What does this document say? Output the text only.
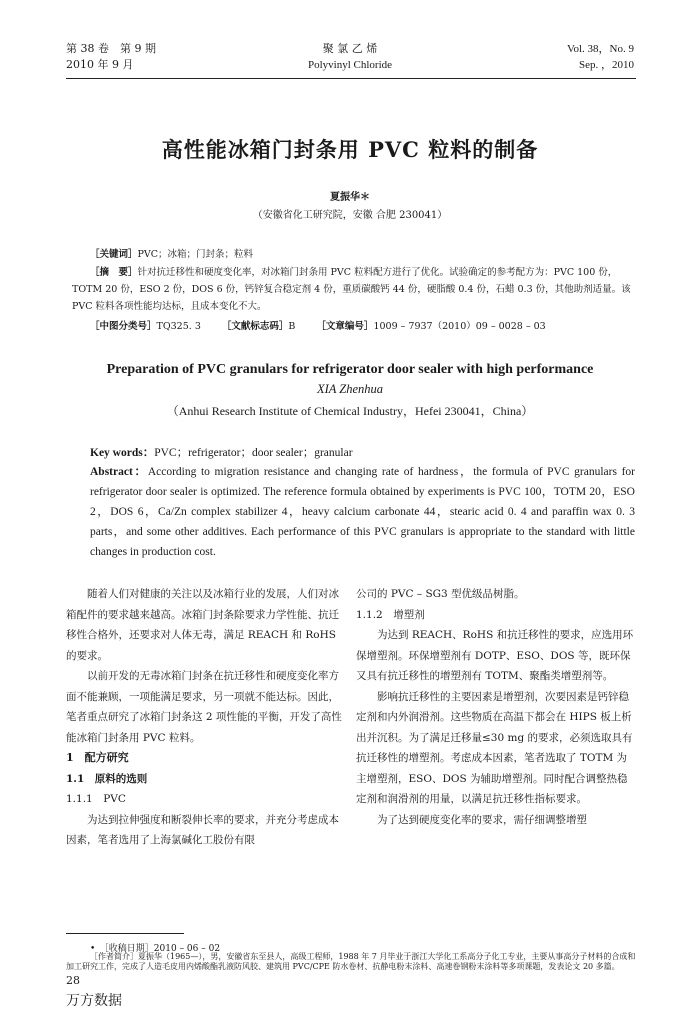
第 38 卷　第 9 期
2010 年 9 月
聚 氯 乙 烯
Polyvinyl Chloride
Vol. 38，No. 9
Sep. ，2010
高性能冰箱门封条用 PVC 粒料的制备
夏振华＊
（安徽省化工研究院，安徽 合肥 230041）
［关键词］PVC；冰箱；门封条；粒料
［摘　要］针对抗迁移性和硬度变化率，对冰箱门封条用 PVC 粒料配方进行了优化。试验确定的参考配方为：PVC 100 份，TOTM 20 份，ESO 2 份，DOS 6 份，钙锌复合稳定剂 4 份，重质碳酸钙 44 份，硬脂酸 0.4 份，石蜡 0.3 份，其他助剂适量。该 PVC 粒料各项性能均达标，且成本变化不大。
［中图分类号］TQ325. 3 ［文献标志码］B ［文章编号］1009 – 7937（2010）09 – 0028 – 03
Preparation of PVC granulars for refrigerator door sealer with high performance
XIA Zhenhua
（Anhui Research Institute of Chemical Industry，Hefei 230041，China）
Key words：PVC；refrigerator；door sealer；granular
Abstract：According to migration resistance and changing rate of hardness，the formula of PVC granulars for refrigerator door sealer is optimized. The reference formula obtained by experiments is PVC 100，TOTM 20，ESO 2，DOS 6，Ca/Zn complex stabilizer 4，heavy calcium carbonate 44，stearic acid 0. 4 and paraffin wax 0. 3 parts，and some other additives. Each performance of this PVC granulars is appropriate to the standard with little changes in production cost.

随着人们对健康的关注以及冰箱行业的发展，人们对冰箱配件的要求越来越高。冰箱门封条除要求力学性能、抗迁移性合格外，还要求对人体无毒，满足 REACH 和 RoHS 的要求。

以前开发的无毒冰箱门封条在抗迁移性和硬度变化率方面不能兼顾，一项能满足要求，另一项就不能达标。因此，笔者重点研究了冰箱门封条这 2 项性能的平衡，开发了高性能冰箱门封条用 PVC 粒料。

1　配方研究

1.1　原料的选则

1.1.1　PVC

为达到拉伸强度和断裂伸长率的要求，并充分考虑成本因素，笔者选用了上海氯碱化工股份有限

公司的 PVC – SG3 型优级品树脂。

1.1.2　增塑剂

为达到 REACH、RoHS 和抗迁移性的要求，应选用环保增塑剂。环保增塑剂有 DOTP、ESO、DOS 等，既环保又具有抗迁移性的增塑剂有 TOTM、聚酯类增塑剂等。

影响抗迁移性的主要因素是增塑剂，次要因素是钙锌稳定剂和内外润滑剂。这些物质在高温下都会在 HIPS 板上析出并沉积。为了满足迁移量≤30 mg 的要求，必须选取具有抗迁移性的增塑剂。考虑成本因素，笔者选取了 TOTM 为主增塑剂，ESO、DOS 为辅助增塑剂。同时配合调整热稳定剂和润滑剂的用量，以满足抗迁移性指标要求。

为了达到硬度变化率的要求，需仔细调整增塑

•　［收稿日期］2010 – 06 – 02
［作者简介］夏振华（1965—），男，安徽省东至县人，高级工程师，1988 年 7 月毕业于浙江大学化工系高分子化工专业，主要从事高分子材料的合成和加工研究工作，完成了人造毛皮用内烯酸酯乳液防风胶、建筑用 PVC/CPE 防水卷材、抗静电粉末涂料、高速卷钢粉末涂料等多项课题，发表论文 20 多篇。
28
万方数据
